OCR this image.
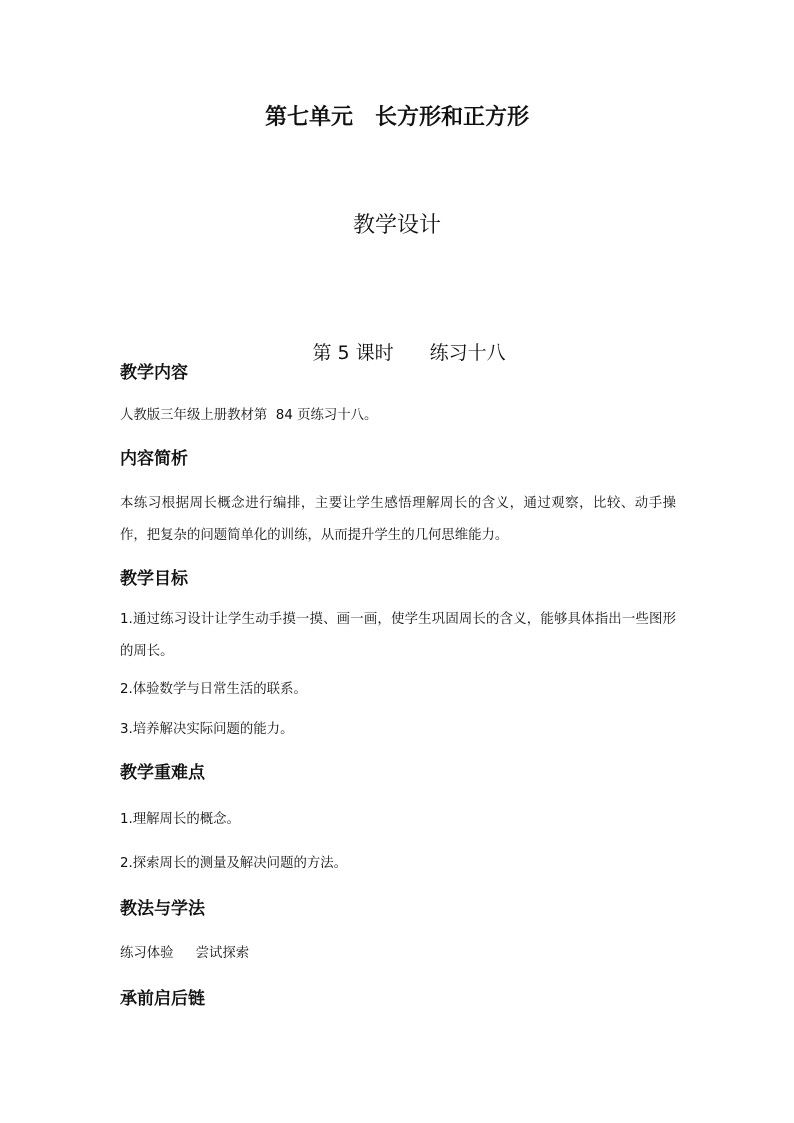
第七单元　长方形和正方形
教学设计

第 5 课时 练习十八

教学内容
人教版三年级上册教材第  84 页练习十八。
内容简析
本练习根据周长概念进行编排，主要让学生感悟理解周长的含义，通过观察，比较、动手操作，把复杂的问题简单化的训练，从而提升学生的几何思维能力。
教学目标
1.通过练习设计让学生动手摸一摸、画一画，使学生巩固周长的含义，能够具体指出一些图形的周长。
2.体验数学与日常生活的联系。
3.培养解决实际问题的能力。
教学重难点
1.理解周长的概念。
2.探索周长的测量及解决问题的方法。
教法与学法
练习体验 尝试探索
承前启后链
